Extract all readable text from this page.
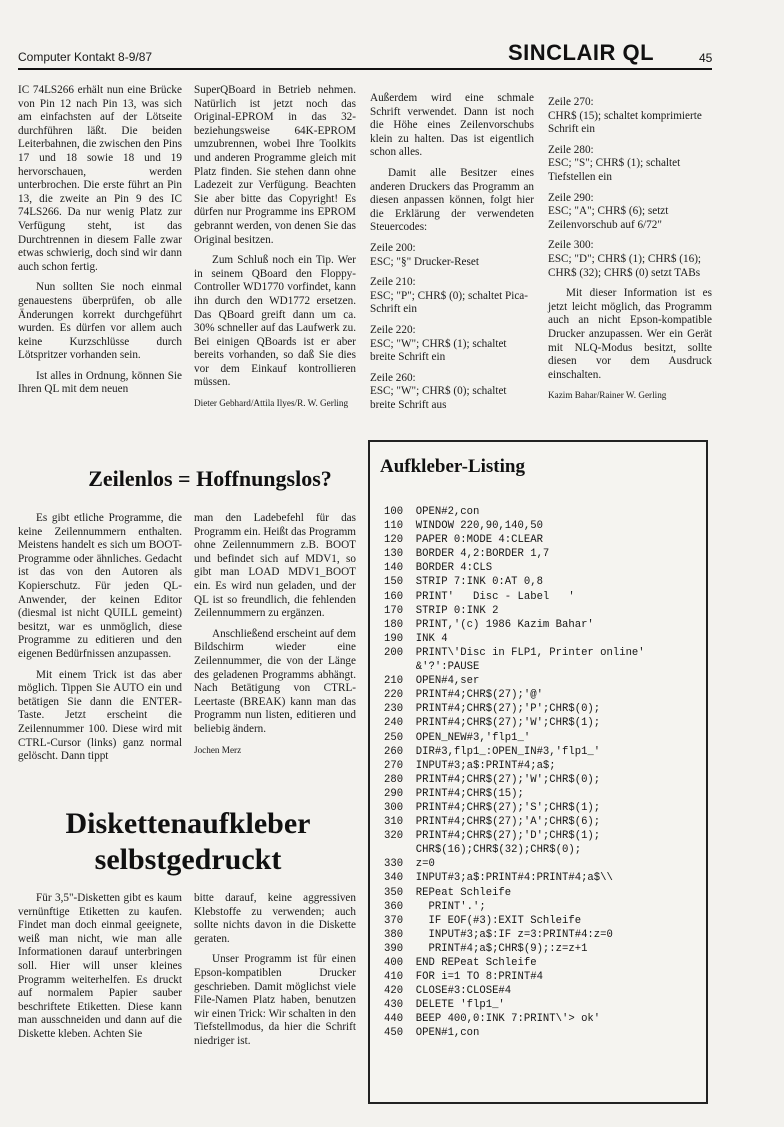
Computer Kontakt 8-9/87	SINCLAIR QL	45

IC 74LS266 erhält nun eine Brücke von Pin 12 nach Pin 13, was sich am einfachsten auf der Lötseite durchführen läßt. Die beiden Leiterbahnen, die zwischen den Pins 17 und 18 sowie 18 und 19 hervorschauen, werden unterbrochen. Die erste führt an Pin 13, die zweite an Pin 9 des IC 74LS266. Da nur wenig Platz zur Verfügung steht, ist das Durchtrennen in diesem Falle zwar etwas schwierig, doch sind wir dann auch schon fertig.

Nun sollten Sie noch einmal genauestens überprüfen, ob alle Änderungen korrekt durchgeführt wurden. Es dürfen vor allem auch keine Kurzschlüsse durch Lötspritzer vorhanden sein.

Ist alles in Ordnung, können Sie Ihren QL mit dem neuen

SuperQBoard in Betrieb nehmen. Natürlich ist jetzt noch das Original-EPROM in das 32-beziehungsweise 64K-EPROM umzubrennen, wobei Ihre Toolkits und anderen Programme gleich mit Platz finden. Sie stehen dann ohne Ladezeit zur Verfügung. Beachten Sie aber bitte das Copyright! Es dürfen nur Programme ins EPROM gebrannt werden, von denen Sie das Original besitzen.

Zum Schluß noch ein Tip. Wer in seinem QBoard den Floppy-Controller WD1770 vorfindet, kann ihn durch den WD1772 ersetzen. Das QBoard greift dann um ca. 30% schneller auf das Laufwerk zu. Bei einigen QBoards ist er aber bereits vorhanden, so daß Sie dies vor dem Einkauf kontrollieren müssen.

Dieter Gebhard/Attila Ilyes/R. W. Gerling

Außerdem wird eine schmale Schrift verwendet. Dann ist noch die Höhe eines Zeilenvorschubs klein zu halten. Das ist eigentlich schon alles.

Damit alle Besitzer eines anderen Druckers das Programm an diesen anpassen können, folgt hier die Erklärung der verwendeten Steuercodes:

Zeile 200:

ESC; "§" Drucker-Reset

Zeile 210:

ESC; "P"; CHR$ (0); schaltet Pica-Schrift ein

Zeile 220:

ESC; "W"; CHR$ (1); schaltet breite Schrift ein

Zeile 260:

ESC; "W"; CHR$ (0); schaltet breite Schrift aus

Zeile 270:

CHR$ (15); schaltet komprimierte Schrift ein

Zeile 280:

ESC; "S"; CHR$ (1); schaltet Tiefstellen ein

Zeile 290:

ESC; "A"; CHR$ (6); setzt Zeilenvorschub auf 6/72"

Zeile 300:

ESC; "D"; CHR$ (1); CHR$ (16); CHR$ (32); CHR$ (0) setzt TABs

Mit dieser Information ist es jetzt leicht möglich, das Programm auch an nicht Epson-kompatible Drucker anzupassen. Wer ein Gerät mit NLQ-Modus besitzt, sollte diesen vor dem Ausdruck einschalten.

Kazim Bahar/Rainer W. Gerling

Zeilenlos = Hoffnungslos?

Es gibt etliche Programme, die keine Zeilennummern enthalten. Meistens handelt es sich um BOOT-Programme oder ähnliches. Gedacht ist das von den Autoren als Kopierschutz. Für jeden QL-Anwender, der keinen Editor (diesmal ist nicht QUILL gemeint) besitzt, war es unmöglich, diese Programme zu editieren und den eigenen Bedürfnissen anzupassen.

Mit einem Trick ist das aber möglich. Tippen Sie AUTO ein und betätigen Sie dann die ENTER-Taste. Jetzt erscheint die Zeilennummer 100. Diese wird mit CTRL-Cursor (links) ganz normal gelöscht. Dann tippt

man den Ladebefehl für das Programm ein. Heißt das Programm ohne Zeilennummern z.B. BOOT und befindet sich auf MDV1, so gibt man LOAD MDV1_BOOT ein. Es wird nun geladen, und der QL ist so freundlich, die fehlenden Zeilennummern zu ergänzen.

Anschließend erscheint auf dem Bildschirm wieder eine Zeilennummer, die von der Länge des geladenen Programms abhängt. Nach Betätigung von CTRL-Leertaste (BREAK) kann man das Programm nun listen, editieren und beliebig ändern.

Jochen Merz

Diskettenaufkleber
selbstgedruckt

Für 3,5"-Disketten gibt es kaum vernünftige Etiketten zu kaufen. Findet man doch einmal geeignete, weiß man nicht, wie man alle Informationen darauf unterbringen soll. Hier will unser kleines Programm weiterhelfen. Es druckt auf normalem Papier sauber beschriftete Etiketten. Diese kann man ausschneiden und dann auf die Diskette kleben. Achten Sie

bitte darauf, keine aggressiven Klebstoffe zu verwenden; auch sollte nichts davon in die Diskette geraten.

Unser Programm ist für einen Epson-kompatiblen Drucker geschrieben. Damit möglichst viele File-Namen Platz haben, benutzen wir einen Trick: Wir schalten in den Tiefstellmodus, da hier die Schrift niedriger ist.

Aufkleber-Listing
100  OPEN#2,con
110  WINDOW 220,90,140,50
120  PAPER 0:MODE 4:CLEAR
130  BORDER 4,2:BORDER 1,7
140  BORDER 4:CLS
150  STRIP 7:INK 0:AT 0,8
160  PRINT'   Disc - Label   '
170  STRIP 0:INK 2
180  PRINT,'(c) 1986 Kazim Bahar'
190  INK 4
200  PRINT\'Disc in FLP1, Printer online'
&'?':PAUSE
210  OPEN#4,ser
220  PRINT#4;CHR$(27);'@'
230  PRINT#4;CHR$(27);'P';CHR$(0);
240  PRINT#4;CHR$(27);'W';CHR$(1);
250  OPEN_NEW#3,'flp1_'
260  DIR#3,flp1_:OPEN_IN#3,'flp1_'
270  INPUT#3;a$:PRINT#4;a$;
280  PRINT#4;CHR$(27);'W';CHR$(0);
290  PRINT#4;CHR$(15);
300  PRINT#4;CHR$(27);'S';CHR$(1);
310  PRINT#4;CHR$(27);'A';CHR$(6);
320  PRINT#4;CHR$(27);'D';CHR$(1);
CHR$(16);CHR$(32);CHR$(0);
330  z=0
340  INPUT#3;a$:PRINT#4:PRINT#4;a$\\
350  REPeat Schleife
360    PRINT'.';
370    IF EOF(#3):EXIT Schleife
380    INPUT#3;a$:IF z=3:PRINT#4:z=0
390    PRINT#4;a$;CHR$(9);:z=z+1
400  END REPeat Schleife
410  FOR i=1 TO 8:PRINT#4
420  CLOSE#3:CLOSE#4
430  DELETE 'flp1_'
440  BEEP 400,0:INK 7:PRINT\'> ok'
450  OPEN#1,con
